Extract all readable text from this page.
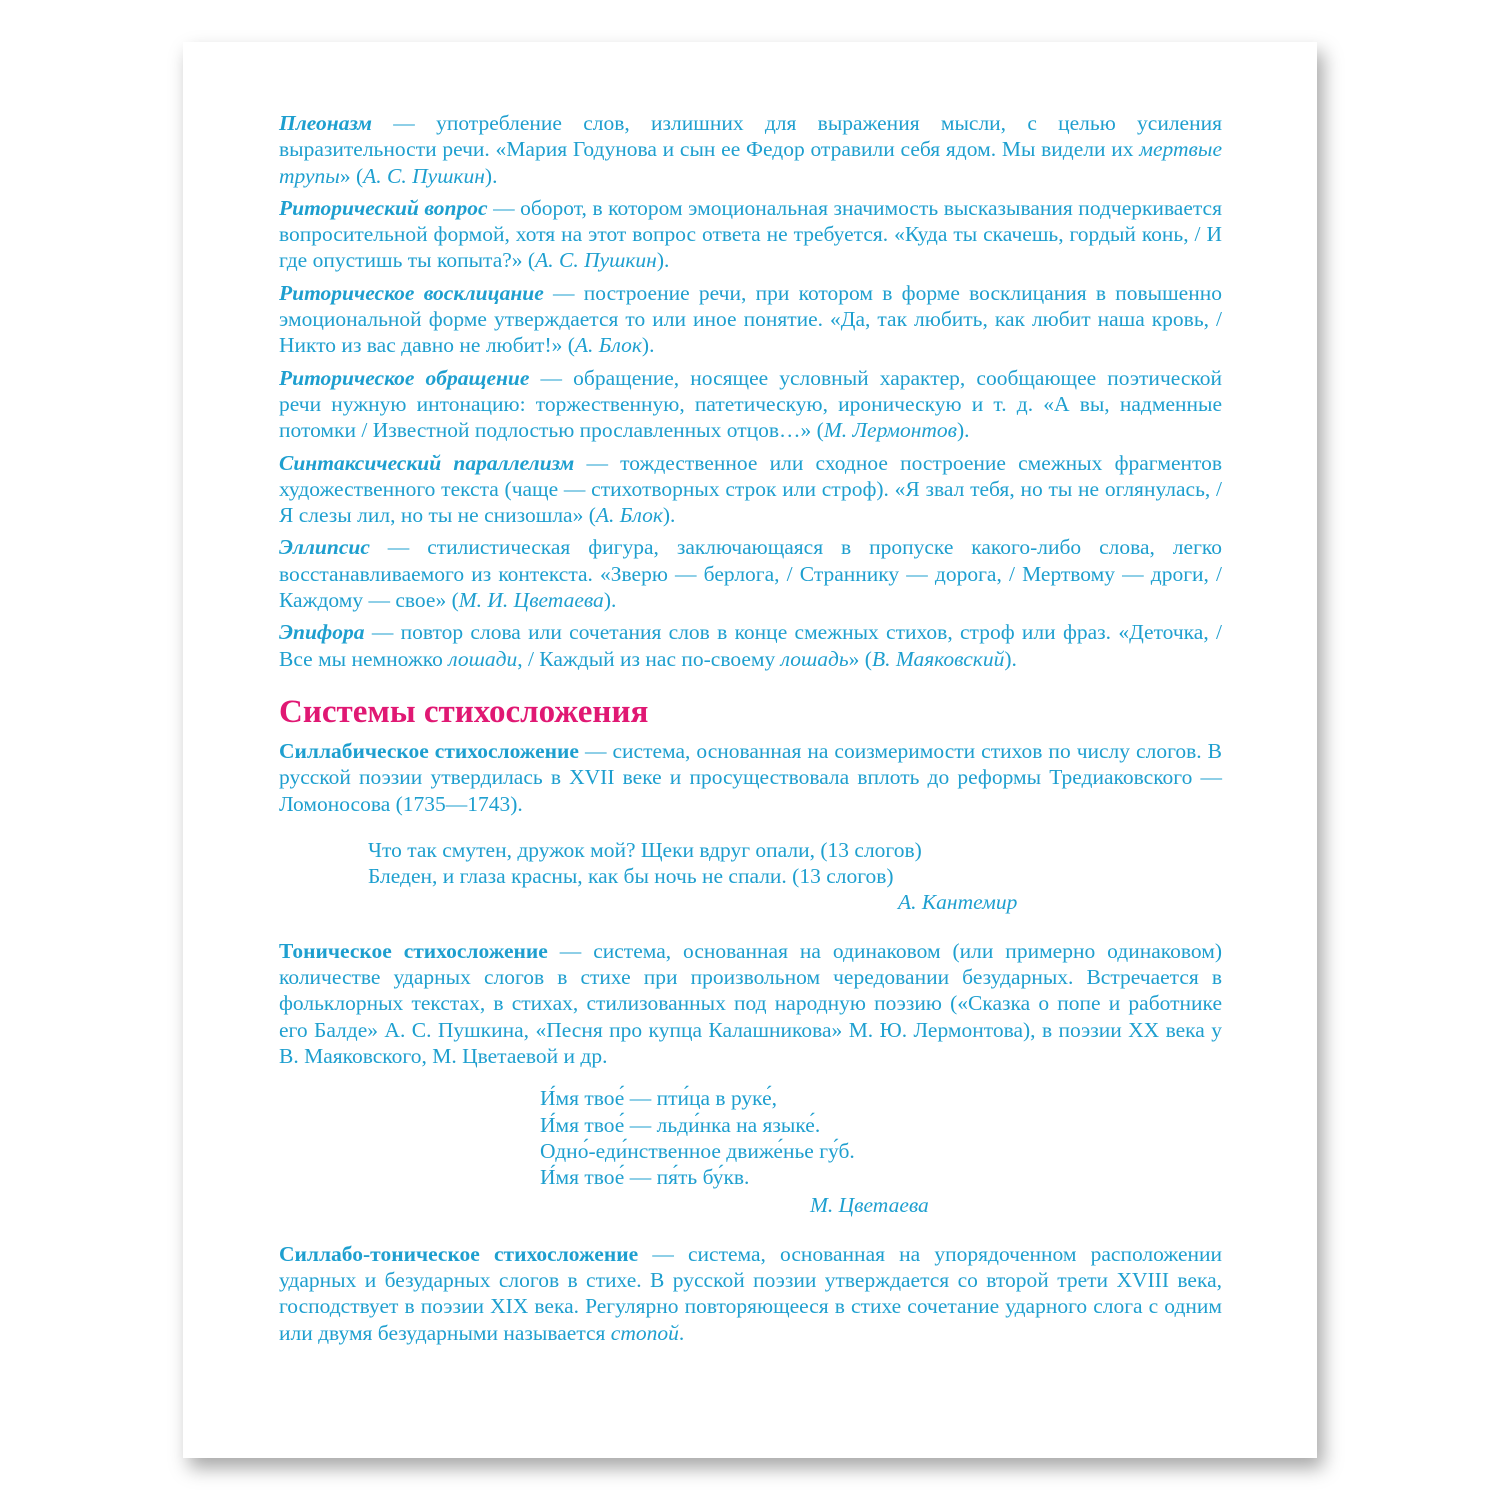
Плеоназм — употребление слов, излишних для выражения мысли, с целью усиления выразительности речи. «Мария Годунова и сын ее Федор отравили себя ядом. Мы видели их мертвые трупы» (А. С. Пушкин).

Риторический вопрос — оборот, в котором эмоциональная значимость высказывания подчеркивается вопросительной формой, хотя на этот вопрос ответа не требуется. «Куда ты скачешь, гордый конь, / И где опустишь ты копыта?» (А. С. Пушкин).

Риторическое восклицание — построение речи, при котором в форме восклицания в повышенно эмоциональной форме утверждается то или иное понятие. «Да, так любить, как любит наша кровь, / Никто из вас давно не любит!» (А. Блок).

Риторическое обращение — обращение, носящее условный характер, сообщающее поэтической речи нужную интонацию: торжественную, патетическую, ироническую и т. д. «А вы, надменные потомки / Известной подлостью прославленных отцов…» (М. Лермонтов).

Синтаксический параллелизм — тождественное или сходное построение смежных фрагментов художественного текста (чаще — стихотворных строк или строф). «Я звал тебя, но ты не оглянулась, / Я слезы лил, но ты не снизошла» (А. Блок).

Эллипсис — стилистическая фигура, заключающаяся в пропуске какого-либо слова, легко восстанавливаемого из контекста. «Зверю — берлога, / Страннику — дорога, / Мертвому — дроги, / Каждому — свое» (М. И. Цветаева).

Эпифора — повтор слова или сочетания слов в конце смежных стихов, строф или фраз. «Деточка, / Все мы немножко лошади, / Каждый из нас по-своему лошадь» (В. Маяковский).

Системы стихосложения

Силлабическое стихосложение — система, основанная на соизмеримости стихов по числу слогов. В русской поэзии утвердилась в XVII веке и просуществовала вплоть до реформы Тредиаковского — Ломоносова (1735—1743).

Что так смутен, дружок мой? Щеки вдруг опали, (13 слогов)
Бледен, и глаза красны, как бы ночь не спали. (13 слогов)
А. Кантемир

Тоническое стихосложение — система, основанная на одинаковом (или примерно одинаковом) количестве ударных слогов в стихе при произвольном чередовании безударных. Встречается в фольклорных текстах, в стихах, стилизованных под народную поэзию («Сказка о попе и работнике его Балде» А. С. Пушкина, «Песня про купца Калашникова» М. Ю. Лермонтова), в поэзии XX века у В. Маяковского, М. Цветаевой и др.

И́мя твое́ — пти́ца в руке́,
И́мя твое́ — льди́нка на языке́.
Одно́-еди́нственное движе́нье гу́б.
И́мя твое́ — пя́ть бу́кв.
М. Цветаева

Силлабо-тоническое стихосложение — система, основанная на упорядоченном расположении ударных и безударных слогов в стихе. В русской поэзии утверждается со второй трети XVIII века, господствует в поэзии XIX века. Регулярно повторяющееся в стихе сочетание ударного слога с одним или двумя безударными называется стопой.
